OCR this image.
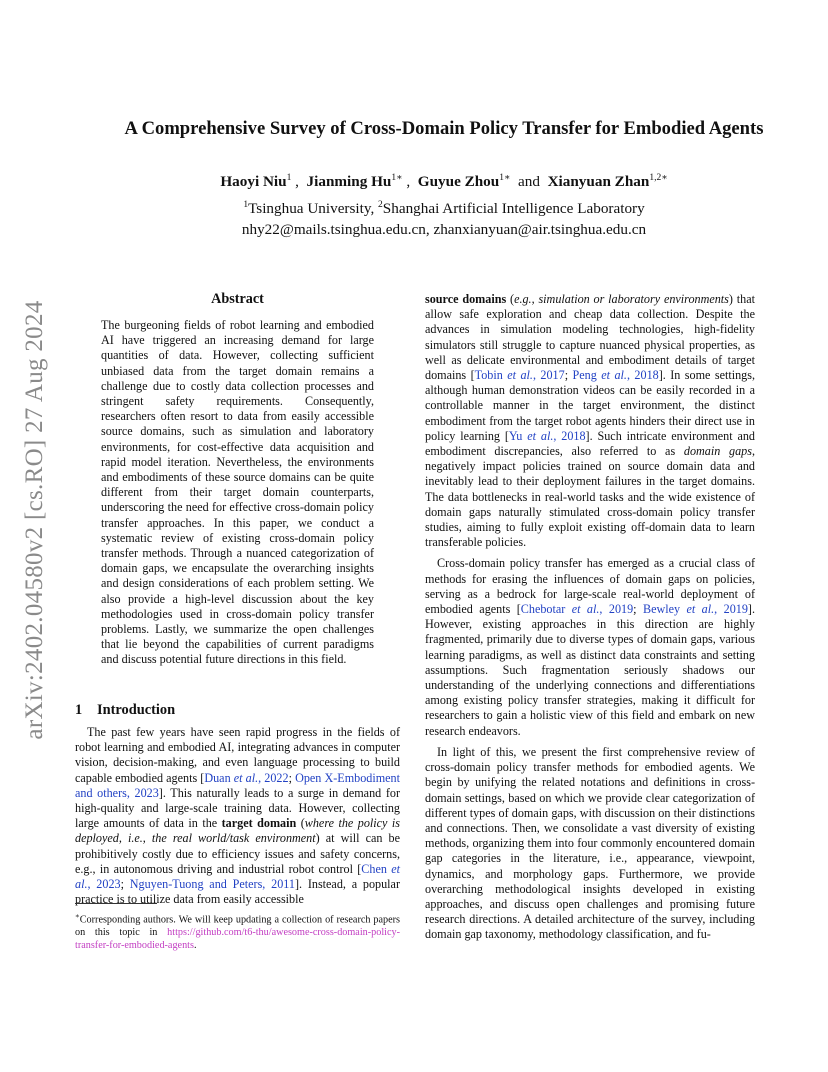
arXiv:2402.04580v2 [cs.RO] 27 Aug 2024
A Comprehensive Survey of Cross-Domain Policy Transfer for Embodied Agents
Haoyi Niu$^1$ ,  Jianming $Hu^{1∗}$ ,  Guyue Zhou$^{1∗}$ and Xianyuan Zhan$^{1,2∗}$
$^1$Tsinghua University, $^2$Shanghai Artificial Intelligence Laboratory
nhy22@mails.tsinghua.edu.cn, zhanxianyuan@air.tsinghua.edu.cn
Abstract

The burgeoning fields of robot learning and embodied AI have triggered an increasing demand for large quantities of data. However, collecting sufficient unbiased data from the target domain remains a challenge due to costly data collection processes and stringent safety requirements. Consequently, researchers often resort to data from easily accessible source domains, such as simulation and laboratory environments, for cost-effective data acquisition and rapid model iteration. Nevertheless, the environments and embodiments of these source domains can be quite different from their target domain counterparts, underscoring the need for effective cross-domain policy transfer approaches. In this paper, we conduct a systematic review of existing cross-domain policy transfer methods. Through a nuanced categorization of domain gaps, we encapsulate the overarching insights and design considerations of each problem setting. We also provide a high-level discussion about the key methodologies used in cross-domain policy transfer problems. Lastly, we summarize the open challenges that lie beyond the capabilities of current paradigms and discuss potential future directions in this field.

1 Introduction

The past few years have seen rapid progress in the fields of robot learning and embodied AI, integrating advances in computer vision, decision-making, and even language processing to build capable embodied agents [Duan et al., 2022; Open X-Embodiment and others, 2023]. This naturally leads to a surge in demand for high-quality and large-scale training data. However, collecting large amounts of data in the target domain (where the policy is deployed, i.e., the real world/task environment) at will can be prohibitively costly due to efficiency issues and safety concerns, e.g., in autonomous driving and industrial robot control [Chen et al., 2023; Nguyen-Tuong and Peters, 2011]. Instead, a popular practice is to utilize data from easily accessible

∗Corresponding authors. We will keep updating a collection of research papers on this topic in https://github.com/t6-thu/awesome-cross-domain-policy-transfer-for-embodied-agents.

source domains (e.g., simulation or laboratory environments) that allow safe exploration and cheap data collection. Despite the advances in simulation modeling technologies, high-fidelity simulators still struggle to capture nuanced physical properties, as well as delicate environmental and embodiment details of target domains [Tobin et al., 2017; Peng et al., 2018]. In some settings, although human demonstration videos can be easily recorded in a controllable manner in the target environment, the distinct embodiment from the target robot agents hinders their direct use in policy learning [Yu et al., 2018]. Such intricate environment and embodiment discrepancies, also referred to as domain gaps, negatively impact policies trained on source domain data and inevitably lead to their deployment failures in the target domains. The data bottlenecks in real-world tasks and the wide existence of domain gaps naturally stimulated cross-domain policy transfer studies, aiming to fully exploit existing off-domain data to learn transferable policies.

Cross-domain policy transfer has emerged as a crucial class of methods for erasing the influences of domain gaps on policies, serving as a bedrock for large-scale real-world deployment of embodied agents [Chebotar et al., 2019; Bewley et al., 2019]. However, existing approaches in this direction are highly fragmented, primarily due to diverse types of domain gaps, various learning paradigms, as well as distinct data constraints and setting assumptions. Such fragmentation seriously shadows our understanding of the underlying connections and differentiations among existing policy transfer strategies, making it difficult for researchers to gain a holistic view of this field and embark on new research endeavors.

In light of this, we present the first comprehensive review of cross-domain policy transfer methods for embodied agents. We begin by unifying the related notations and definitions in cross-domain settings, based on which we provide clear categorization of different types of domain gaps, with discussion on their distinctions and connections. Then, we consolidate a vast diversity of existing methods, organizing them into four commonly encountered domain gap categories in the literature, i.e., appearance, viewpoint, dynamics, and morphology gaps. Furthermore, we provide overarching methodological insights developed in existing approaches, and discuss open challenges and promising future research directions. A detailed architecture of the survey, including domain gap taxonomy, methodology classification, and fu-
